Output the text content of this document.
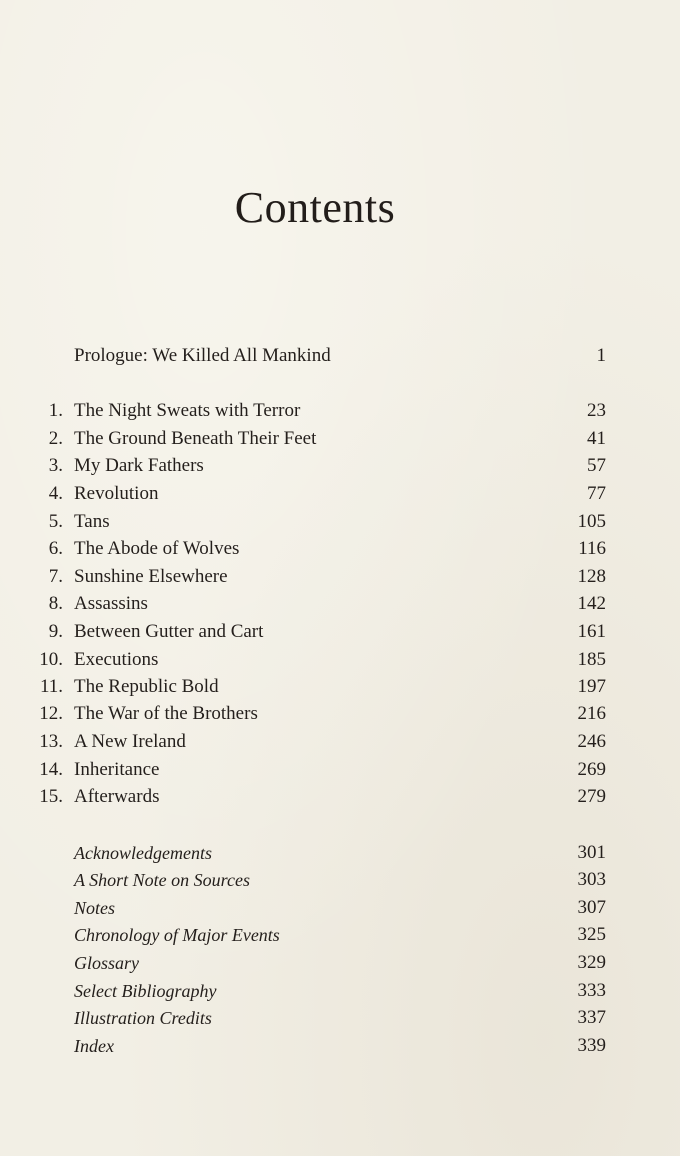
Contents
Prologue: We Killed All Mankind	1
1. The Night Sweats with Terror	23
2. The Ground Beneath Their Feet	41
3. My Dark Fathers	57
4. Revolution	77
5. Tans	105
6. The Abode of Wolves	116
7. Sunshine Elsewhere	128
8. Assassins	142
9. Between Gutter and Cart	161
10. Executions	185
11. The Republic Bold	197
12. The War of the Brothers	216
13. A New Ireland	246
14. Inheritance	269
15. Afterwards	279
Acknowledgements	301
A Short Note on Sources	303
Notes	307
Chronology of Major Events	325
Glossary	329
Select Bibliography	333
Illustration Credits	337
Index	339
